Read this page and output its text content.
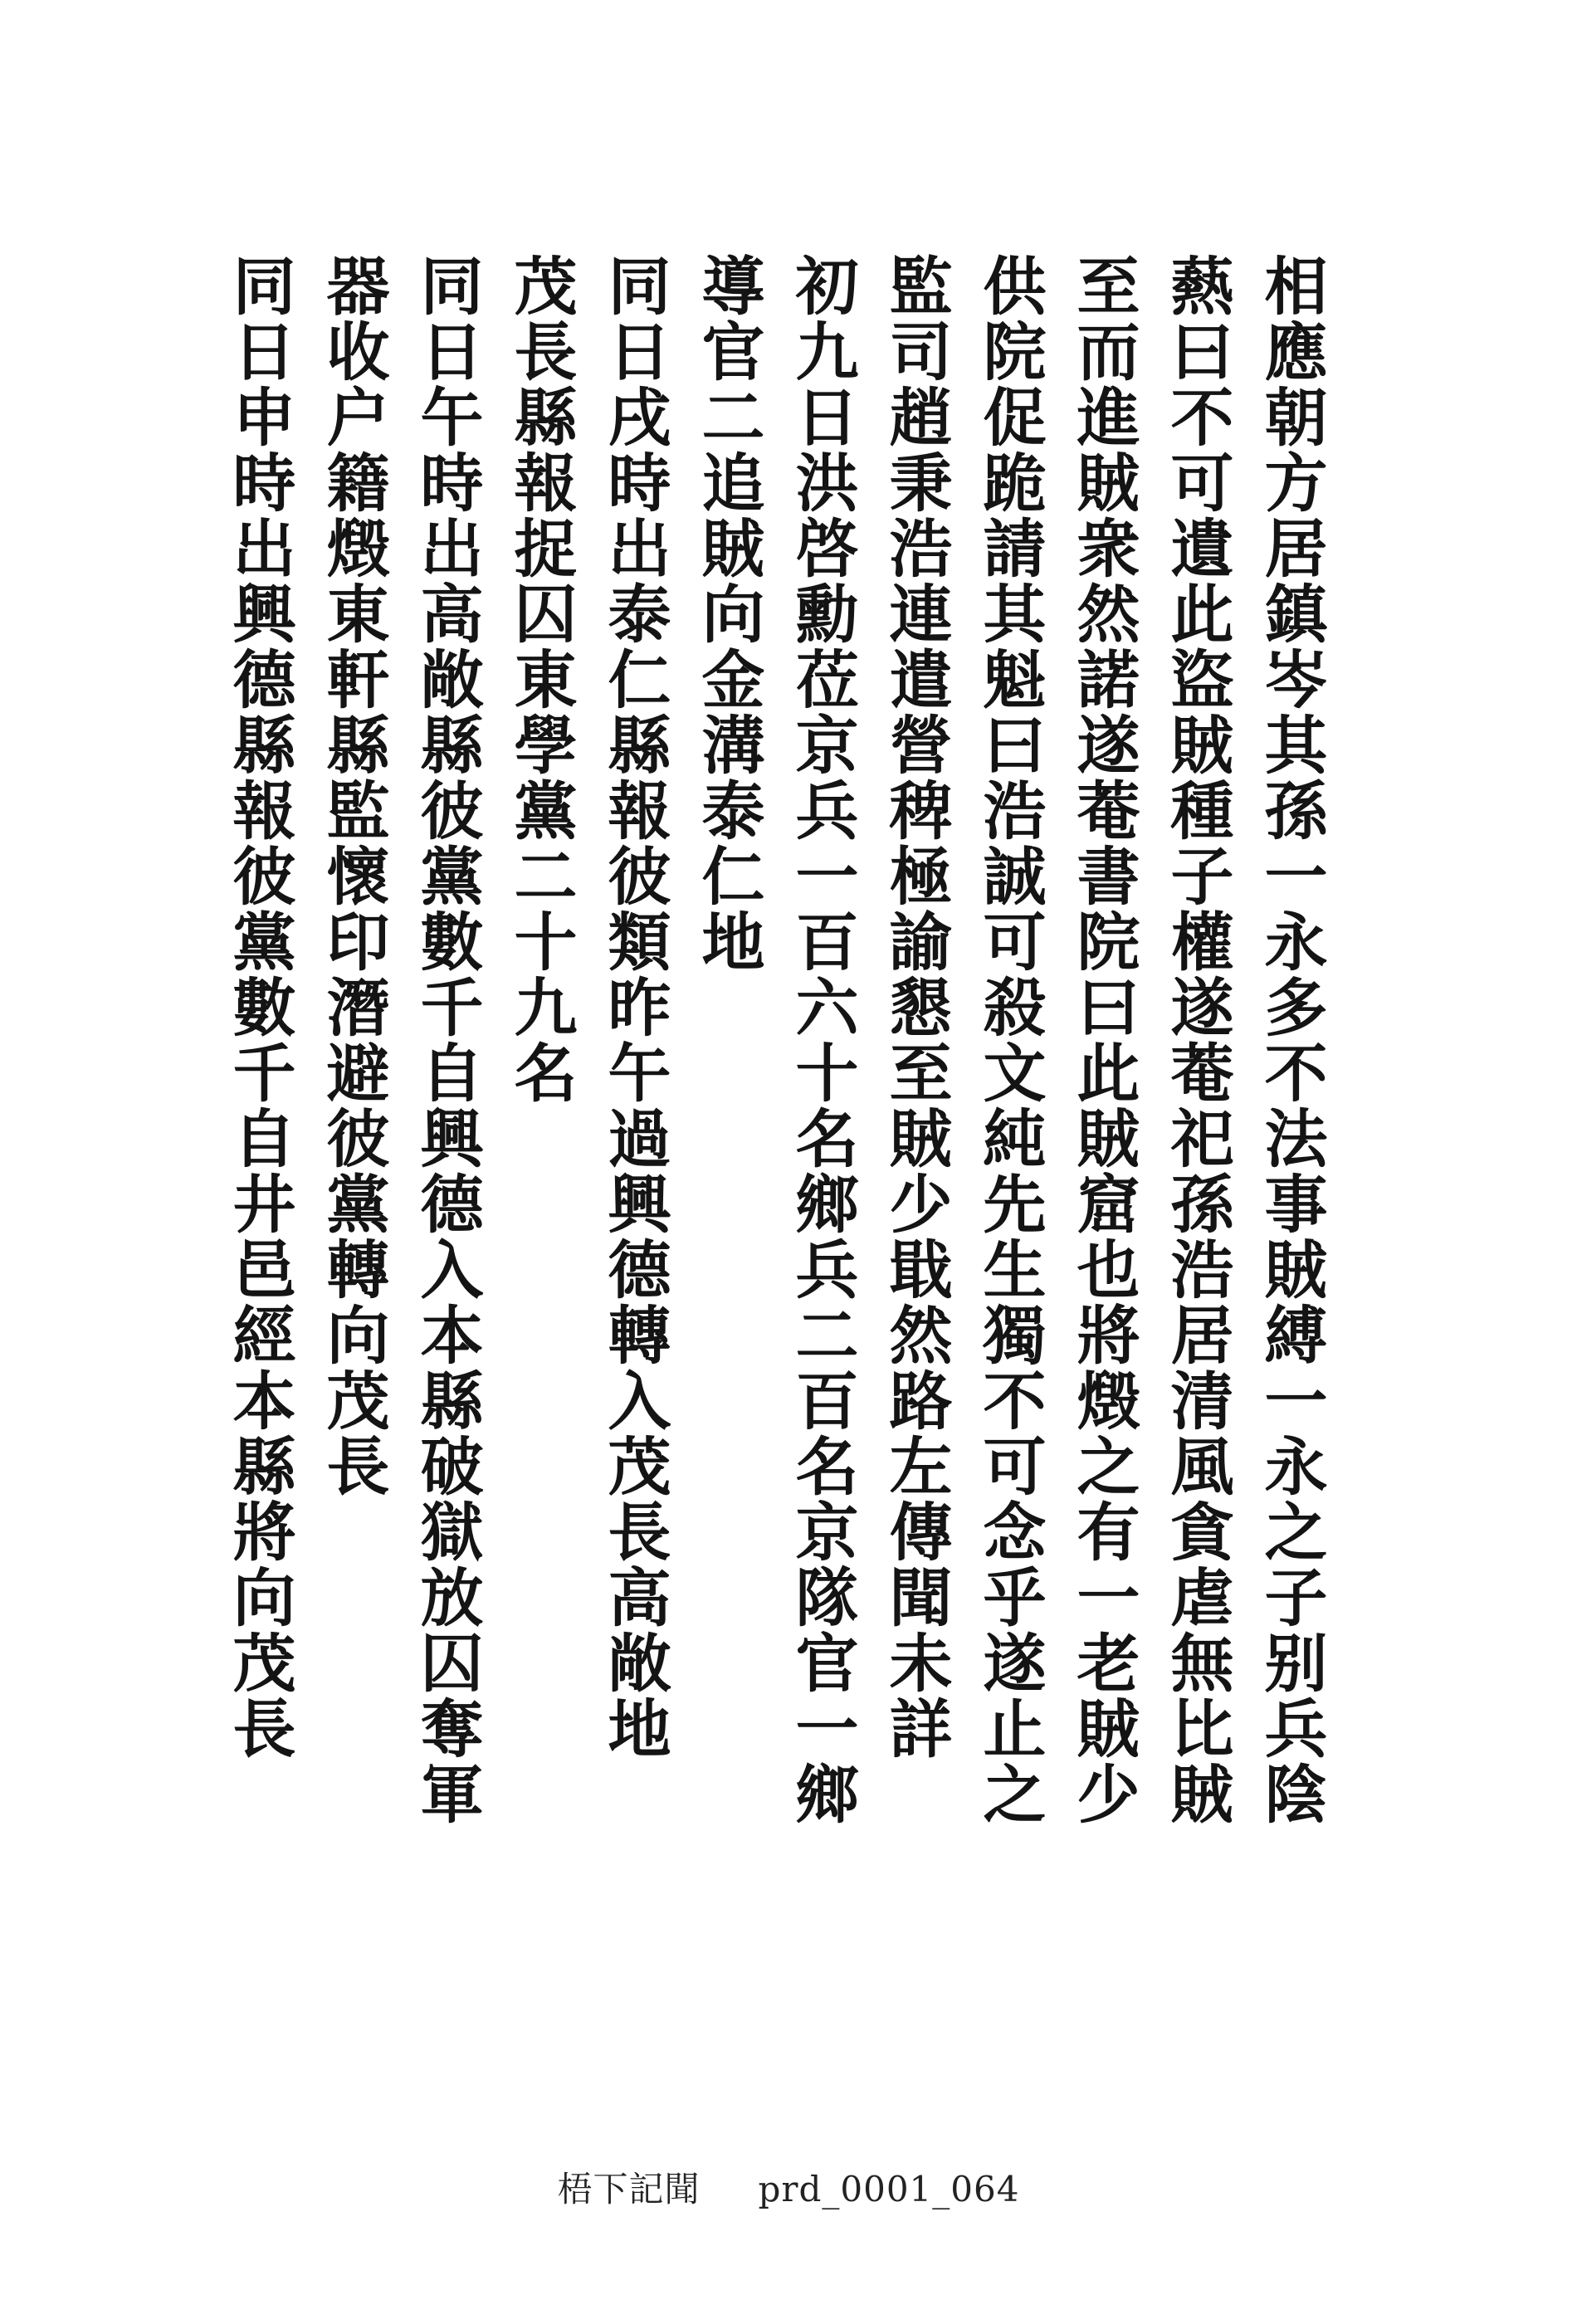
相應朝方居鎮岑其孫一永多不法事賊縛一永之子别兵陰
爇曰不可遺此盜賊種子權遂菴祀孫浩居清風貪虐無比賊
至而進賊衆然諾遂菴書院曰此賊窟也將燬之有一老賊少
供院促跪請其魁曰浩誠可殺文純先生獨不可念乎遂止之
監司趙秉浩連遣營稗極諭懇至賊少戢然路左傳聞未詳
初九日洪啓勳莅京兵一百六十名鄉兵二百名京隊官一鄉
導官二追賊向金溝泰仁地
同日戌時出泰仁縣報彼類昨午過興德轉入茂長高敞地
茂長縣報捉囚東學黨二十九名
同日午時出高敞縣彼黨數千自興德入本縣破獄放囚奪軍
器收户籍燬東軒縣監懷印潛避彼黨轉向茂長
同日申時出興德縣報彼黨數千自井邑經本縣將向茂長
梧下記聞 prd_0001_064
